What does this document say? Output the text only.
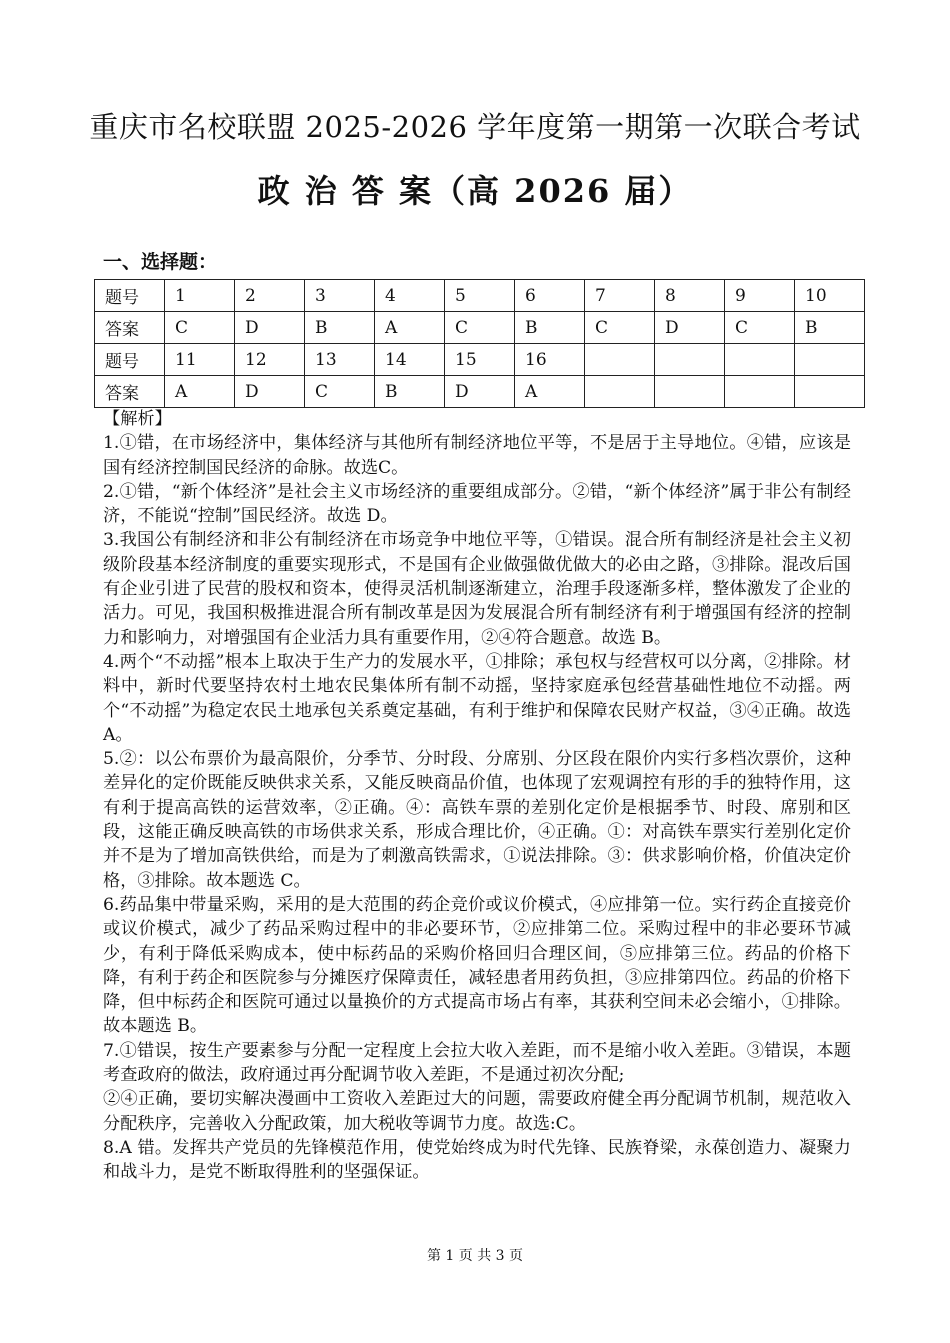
重庆市名校联盟 2025-2026 学年度第一期第一次联合考试
政 治 答 案（高 2026 届）
一、选择题：
题号	1	2	3	4	5	6	7	8	9	10
答案	C	D	B	A	C	B	C	D	C	B
题号	11	12	13	14	15	16				
答案	A	D	C	B	D	A				

【解析】

1.①错，在市场经济中，集体经济与其他所有制经济地位平等，不是居于主导地位。④错，应该是国有经济控制国民经济的命脉。故选C。

2.①错，“新个体经济”是社会主义市场经济的重要组成部分。②错，“新个体经济”属于非公有制经济，不能说“控制”国民经济。故选 D。

3.我国公有制经济和非公有制经济在市场竞争中地位平等，①错误。混合所有制经济是社会主义初级阶段基本经济制度的重要实现形式，不是国有企业做强做优做大的必由之路，③排除。混改后国有企业引进了民营的股权和资本，使得灵活机制逐渐建立，治理手段逐渐多样，整体激发了企业的活力。可见，我国积极推进混合所有制改革是因为发展混合所有制经济有利于增强国有经济的控制力和影响力，对增强国有企业活力具有重要作用，②④符合题意。故选 B。

4.两个“不动摇”根本上取决于生产力的发展水平，①排除；承包权与经营权可以分离，②排除。材料中，新时代要坚持农村土地农民集体所有制不动摇，坚持家庭承包经营基础性地位不动摇。两个“不动摇”为稳定农民土地承包关系奠定基础，有利于维护和保障农民财产权益，③④正确。故选 A。

5.②：以公布票价为最高限价，分季节、分时段、分席别、分区段在限价内实行多档次票价，这种差异化的定价既能反映供求关系，又能反映商品价值，也体现了宏观调控有形的手的独特作用，这有利于提高高铁的运营效率，②正确。④：高铁车票的差别化定价是根据季节、时段、席别和区段，这能正确反映高铁的市场供求关系，形成合理比价，④正确。①：对高铁车票实行差别化定价并不是为了增加高铁供给，而是为了刺激高铁需求，①说法排除。③：供求影响价格，价值决定价格，③排除。故本题选 C。

6.药品集中带量采购，采用的是大范围的药企竞价或议价模式，④应排第一位。实行药企直接竞价或议价模式，减少了药品采购过程中的非必要环节，②应排第二位。采购过程中的非必要环节减少，有利于降低采购成本，使中标药品的采购价格回归合理区间，⑤应排第三位。药品的价格下降，有利于药企和医院参与分摊医疗保障责任，减轻患者用药负担，③应排第四位。药品的价格下降，但中标药企和医院可通过以量换价的方式提高市场占有率，其获利空间未必会缩小，①排除。故本题选 B。

7.①错误，按生产要素参与分配一定程度上会拉大收入差距，而不是缩小收入差距。③错误，本题考查政府的做法，政府通过再分配调节收入差距，不是通过初次分配;

②④正确，要切实解决漫画中工资收入差距过大的问题，需要政府健全再分配调节机制，规范收入分配秩序，完善收入分配政策，加大税收等调节力度。故选:C。

8.A 错。发挥共产党员的先锋模范作用，使党始终成为时代先锋、民族脊梁，永葆创造力、凝聚力和战斗力，是党不断取得胜利的坚强保证。

第 1 页 共 3 页
